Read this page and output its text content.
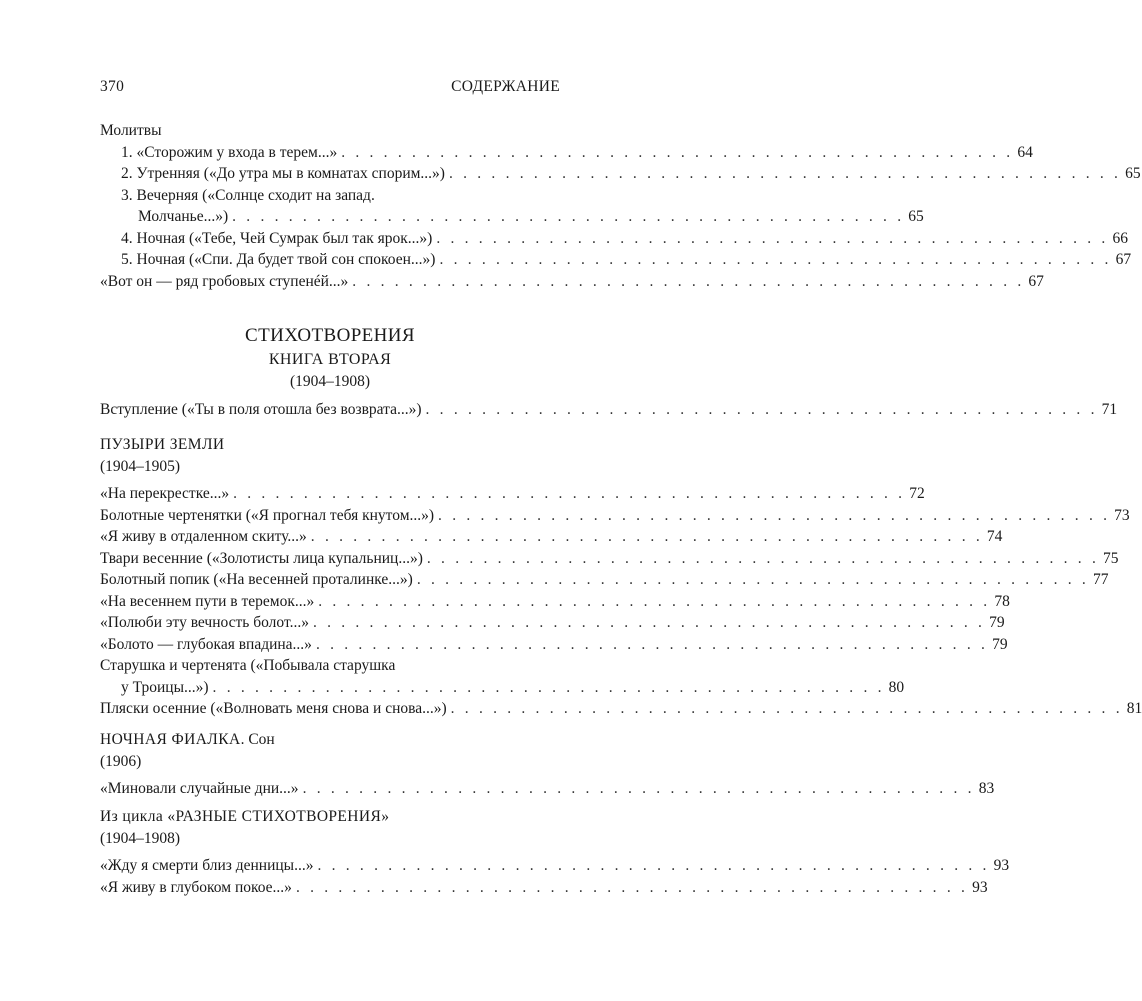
370	СОДЕРЖАНИЕ
Молитвы
1. «Сторожим у входа в терем...» . . . . . . . . . . . . . . . . . . . . . . . . . . . . . . . . . . . . . . . . . . . . . . . . 64
2. Утренняя («До утра мы в комнатах спорим...») . . . . . . . . . . . . . . . . . . . . . . . . . . . . . . . . . . . . . . . . . . . . . . . . 65
3. Вечерняя («Солнце сходит на запад.
Молчанье...») . . . . . . . . . . . . . . . . . . . . . . . . . . . . . . . . . . . . . . . . . . . . . . . . 65
4. Ночная («Тебе, Чей Сумрак был так ярок...») . . . . . . . . . . . . . . . . . . . . . . . . . . . . . . . . . . . . . . . . . . . . . . . . 66
5. Ночная («Спи. Да будет твой сон спокоен...») . . . . . . . . . . . . . . . . . . . . . . . . . . . . . . . . . . . . . . . . . . . . . . . . 67
«Вот он — ряд гробовых ступенéй...» . . . . . . . . . . . . . . . . . . . . . . . . . . . . . . . . . . . . . . . . . . . . . . . . 67
СТИХОТВОРЕНИЯ
КНИГА ВТОРАЯ
(1904–1908)
Вступление («Ты в поля отошла без возврата...») . . . . . . . . . . . . . . . . . . . . . . . . . . . . . . . . . . . . . . . . . . . . . . . . 71
ПУЗЫРИ ЗЕМЛИ
(1904–1905)
«На перекрестке...» . . . . . . . . . . . . . . . . . . . . . . . . . . . . . . . . . . . . . . . . . . . . . . . . 72
Болотные чертенятки («Я прогнал тебя кнутом...») . . . . . . . . . . . . . . . . . . . . . . . . . . . . . . . . . . . . . . . . . . . . . . . . 73
«Я живу в отдаленном скиту...» . . . . . . . . . . . . . . . . . . . . . . . . . . . . . . . . . . . . . . . . . . . . . . . . 74
Твари весенние («Золотисты лица купальниц...») . . . . . . . . . . . . . . . . . . . . . . . . . . . . . . . . . . . . . . . . . . . . . . . . 75
Болотный попик («На весенней проталинке...») . . . . . . . . . . . . . . . . . . . . . . . . . . . . . . . . . . . . . . . . . . . . . . . . 77
«На весеннем пути в теремок...» . . . . . . . . . . . . . . . . . . . . . . . . . . . . . . . . . . . . . . . . . . . . . . . . 78
«Полюби эту вечность болот...» . . . . . . . . . . . . . . . . . . . . . . . . . . . . . . . . . . . . . . . . . . . . . . . . 79
«Болото — глубокая впадина...» . . . . . . . . . . . . . . . . . . . . . . . . . . . . . . . . . . . . . . . . . . . . . . . . 79
Старушка и чертенята («Побывала старушка
у Троицы...») . . . . . . . . . . . . . . . . . . . . . . . . . . . . . . . . . . . . . . . . . . . . . . . . 80
Пляски осенние («Волновать меня снова и снова...») . . . . . . . . . . . . . . . . . . . . . . . . . . . . . . . . . . . . . . . . . . . . . . . . 81
НОЧНАЯ ФИАЛКА. Сон
(1906)
«Миновали случайные дни...» . . . . . . . . . . . . . . . . . . . . . . . . . . . . . . . . . . . . . . . . . . . . . . . . 83
Из цикла «РАЗНЫЕ СТИХОТВОРЕНИЯ»
(1904–1908)
«Жду я смерти близ денницы...» . . . . . . . . . . . . . . . . . . . . . . . . . . . . . . . . . . . . . . . . . . . . . . . . 93
«Я живу в глубоком покое...» . . . . . . . . . . . . . . . . . . . . . . . . . . . . . . . . . . . . . . . . . . . . . . . . 93
